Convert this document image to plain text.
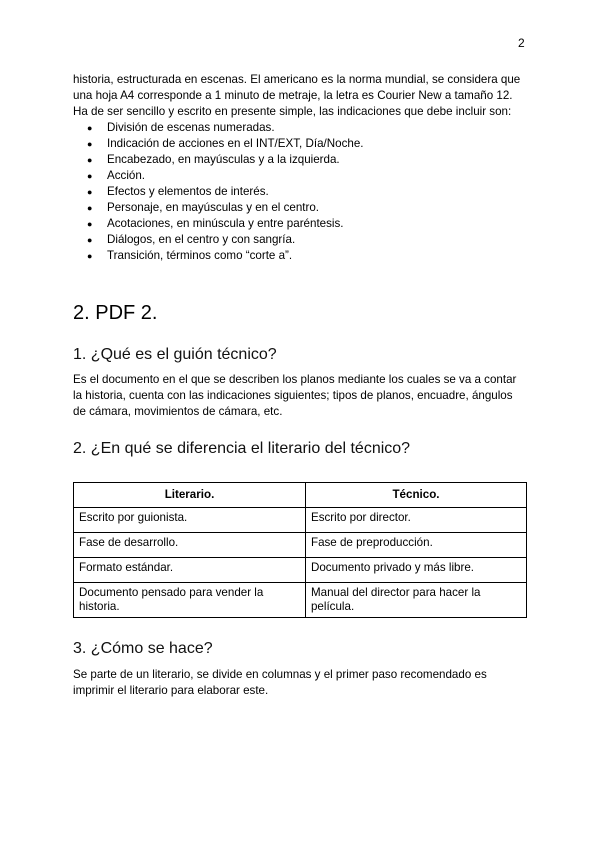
2

historia, estructurada en escenas. El americano es la norma mundial, se considera que una hoja A4 corresponde a 1 minuto de metraje, la letra es Courier New a tamaño 12. Ha de ser sencillo y escrito en presente simple, las indicaciones que debe incluir son:

● División de escenas numeradas.
● Indicación de acciones en el INT/EXT, Día/Noche.
● Encabezado, en mayúsculas y a la izquierda.
● Acción.
● Efectos y elementos de interés.
● Personaje, en mayúsculas y en el centro.
● Acotaciones, en minúscula y entre paréntesis.
● Diálogos, en el centro y con sangría.
● Transición, términos como “corte a”.
2. PDF 2.
1. ¿Qué es el guión técnico?

Es el documento en el que se describen los planos mediante los cuales se va a contar la historia, cuenta con las indicaciones siguientes; tipos de planos, encuadre, ángulos de cámara, movimientos de cámara, etc.

2. ¿En qué se diferencia el literario del técnico?
Literario.	Técnico.
Escrito por guionista.	Escrito por director.
Fase de desarrollo.	Fase de preproducción.
Formato estándar.	Documento privado y más libre.
Documento pensado para vender la historia.	Manual del director para hacer la película.
3. ¿Cómo se hace?

Se parte de un literario, se divide en columnas y el primer paso recomendado es imprimir el literario para elaborar este.
